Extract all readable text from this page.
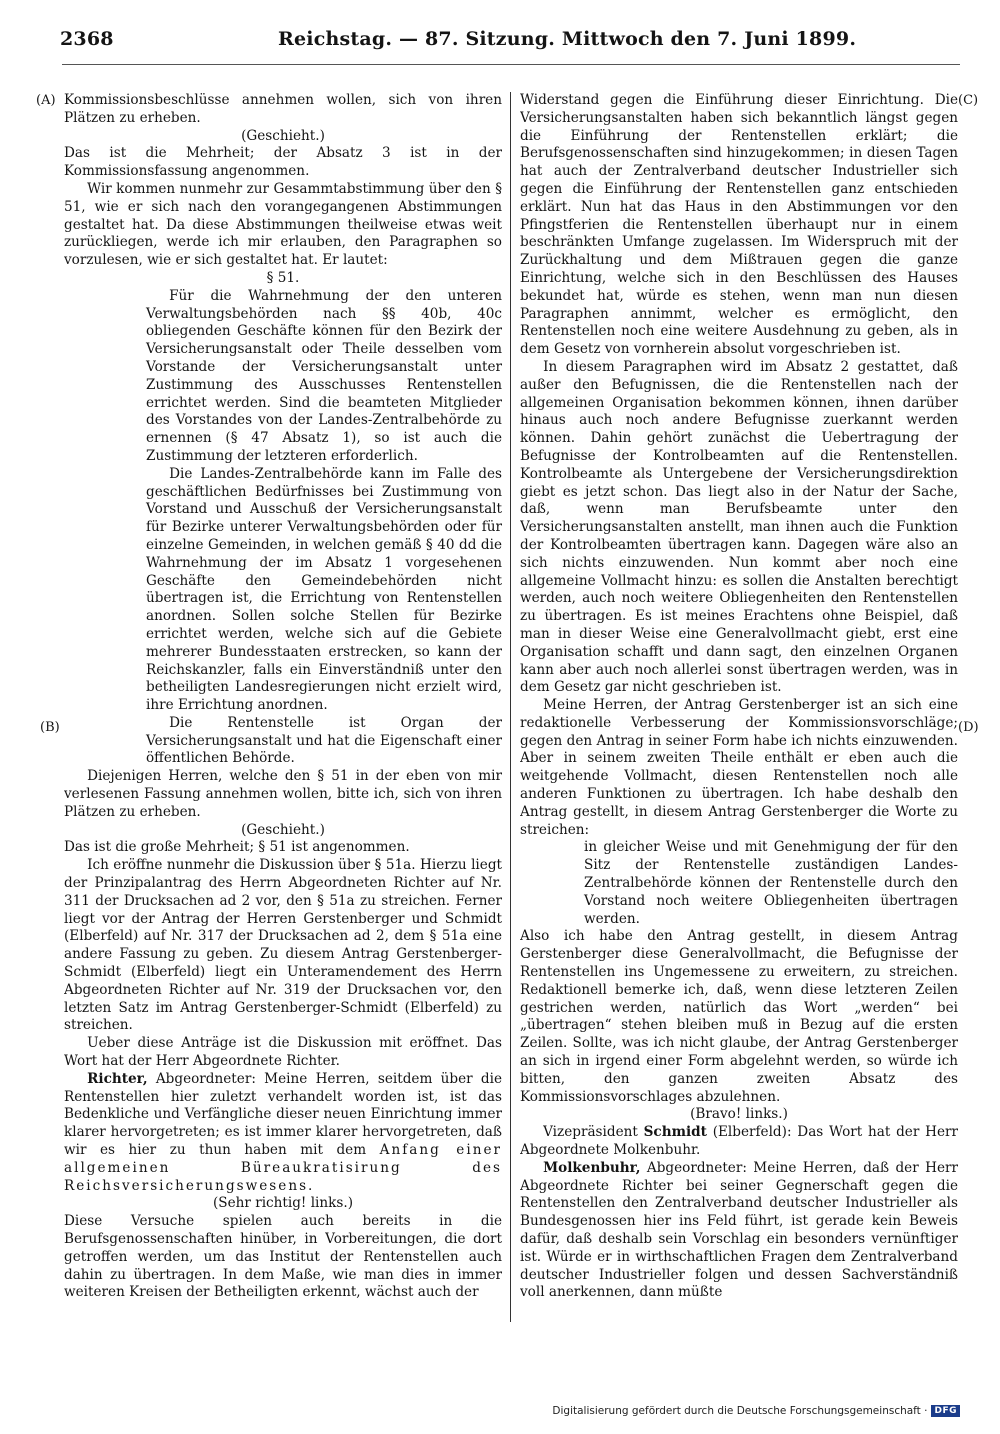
2368	Reichstag. — 87. Sitzung. Mittwoch den 7. Juni 1899.
(A)
(B)
(C)
(D)

Kommissionsbeschlüsse annehmen wollen, sich von ihren Plätzen zu erheben.

(Geschieht.)

Das ist die Mehrheit; der Absatz 3 ist in der Kommissionsfassung angenommen.

Wir kommen nunmehr zur Gesammtabstimmung über den § 51, wie er sich nach den vorangegangenen Abstimmungen gestaltet hat. Da diese Abstimmungen theilweise etwas weit zurückliegen, werde ich mir erlauben, den Paragraphen so vorzulesen, wie er sich gestaltet hat. Er lautet:

§ 51.

Für die Wahrnehmung der den unteren Verwaltungsbehörden nach §§ 40b, 40c obliegenden Geschäfte können für den Bezirk der Versicherungsanstalt oder Theile desselben vom Vorstande der Versicherungsanstalt unter Zustimmung des Ausschusses Rentenstellen errichtet werden. Sind die beamteten Mitglieder des Vorstandes von der Landes-Zentralbehörde zu ernennen (§ 47 Absatz 1), so ist auch die Zustimmung der letzteren erforderlich.

Die Landes-Zentralbehörde kann im Falle des geschäftlichen Bedürfnisses bei Zustimmung von Vorstand und Ausschuß der Versicherungsanstalt für Bezirke unterer Verwaltungsbehörden oder für einzelne Gemeinden, in welchen gemäß § 40 dd die Wahrnehmung der im Absatz 1 vorgesehenen Geschäfte den Gemeindebehörden nicht übertragen ist, die Errichtung von Rentenstellen anordnen. Sollen solche Stellen für Bezirke errichtet werden, welche sich auf die Gebiete mehrerer Bundesstaaten erstrecken, so kann der Reichskanzler, falls ein Einverständniß unter den betheiligten Landesregierungen nicht erzielt wird, ihre Errichtung anordnen.

Die Rentenstelle ist Organ der Versicherungsanstalt und hat die Eigenschaft einer öffentlichen Behörde.

Diejenigen Herren, welche den § 51 in der eben von mir verlesenen Fassung annehmen wollen, bitte ich, sich von ihren Plätzen zu erheben.

(Geschieht.)

Das ist die große Mehrheit; § 51 ist angenommen.

Ich eröffne nunmehr die Diskussion über § 51a. Hierzu liegt der Prinzipalantrag des Herrn Abgeordneten Richter auf Nr. 311 der Drucksachen ad 2 vor, den § 51a zu streichen. Ferner liegt vor der Antrag der Herren Gerstenberger und Schmidt (Elberfeld) auf Nr. 317 der Drucksachen ad 2, dem § 51a eine andere Fassung zu geben. Zu diesem Antrag Gerstenberger-Schmidt (Elberfeld) liegt ein Unteramendement des Herrn Abgeordneten Richter auf Nr. 319 der Drucksachen vor, den letzten Satz im Antrag Gerstenberger-Schmidt (Elberfeld) zu streichen.

Ueber diese Anträge ist die Diskussion mit eröffnet. Das Wort hat der Herr Abgeordnete Richter.

Richter, Abgeordneter: Meine Herren, seitdem über die Rentenstellen hier zuletzt verhandelt worden ist, ist das Bedenkliche und Verfängliche dieser neuen Einrichtung immer klarer hervorgetreten; es ist immer klarer hervorgetreten, daß wir es hier zu thun haben mit dem Anfang einer allgemeinen Büreaukratisirung des Reichsversicherungswesens.

(Sehr richtig! links.)

Diese Versuche spielen auch bereits in die Berufsgenossenschaften hinüber, in Vorbereitungen, die dort getroffen werden, um das Institut der Rentenstellen auch dahin zu übertragen. In dem Maße, wie man dies in immer weiteren Kreisen der Betheiligten erkennt, wächst auch der

Widerstand gegen die Einführung dieser Einrichtung. Die Versicherungsanstalten haben sich bekanntlich längst gegen die Einführung der Rentenstellen erklärt; die Berufsgenossenschaften sind hinzugekommen; in diesen Tagen hat auch der Zentralverband deutscher Industrieller sich gegen die Einführung der Rentenstellen ganz entschieden erklärt. Nun hat das Haus in den Abstimmungen vor den Pfingstferien die Rentenstellen überhaupt nur in einem beschränkten Umfange zugelassen. Im Widerspruch mit der Zurückhaltung und dem Mißtrauen gegen die ganze Einrichtung, welche sich in den Beschlüssen des Hauses bekundet hat, würde es stehen, wenn man nun diesen Paragraphen annimmt, welcher es ermöglicht, den Rentenstellen noch eine weitere Ausdehnung zu geben, als in dem Gesetz von vornherein absolut vorgeschrieben ist.

In diesem Paragraphen wird im Absatz 2 gestattet, daß außer den Befugnissen, die die Rentenstellen nach der allgemeinen Organisation bekommen können, ihnen darüber hinaus auch noch andere Befugnisse zuerkannt werden können. Dahin gehört zunächst die Uebertragung der Befugnisse der Kontrolbeamten auf die Rentenstellen. Kontrolbeamte als Untergebene der Versicherungsdirektion giebt es jetzt schon. Das liegt also in der Natur der Sache, daß, wenn man Berufsbeamte unter den Versicherungsanstalten anstellt, man ihnen auch die Funktion der Kontrolbeamten übertragen kann. Dagegen wäre also an sich nichts einzuwenden. Nun kommt aber noch eine allgemeine Vollmacht hinzu: es sollen die Anstalten berechtigt werden, auch noch weitere Obliegenheiten den Rentenstellen zu übertragen. Es ist meines Erachtens ohne Beispiel, daß man in dieser Weise eine Generalvollmacht giebt, erst eine Organisation schafft und dann sagt, den einzelnen Organen kann aber auch noch allerlei sonst übertragen werden, was in dem Gesetz gar nicht geschrieben ist.

Meine Herren, der Antrag Gerstenberger ist an sich eine redaktionelle Verbesserung der Kommissionsvorschläge; gegen den Antrag in seiner Form habe ich nichts einzuwenden. Aber in seinem zweiten Theile enthält er eben auch die weitgehende Vollmacht, diesen Rentenstellen noch alle anderen Funktionen zu übertragen. Ich habe deshalb den Antrag gestellt, in diesem Antrag Gerstenberger die Worte zu streichen:

in gleicher Weise und mit Genehmigung der für den Sitz der Rentenstelle zuständigen Landes-Zentralbehörde können der Rentenstelle durch den Vorstand noch weitere Obliegenheiten übertragen werden.

Also ich habe den Antrag gestellt, in diesem Antrag Gerstenberger diese Generalvollmacht, die Befugnisse der Rentenstellen ins Ungemessene zu erweitern, zu streichen. Redaktionell bemerke ich, daß, wenn diese letzteren Zeilen gestrichen werden, natürlich das Wort „werden“ bei „übertragen“ stehen bleiben muß in Bezug auf die ersten Zeilen. Sollte, was ich nicht glaube, der Antrag Gerstenberger an sich in irgend einer Form abgelehnt werden, so würde ich bitten, den ganzen zweiten Absatz des Kommissionsvorschlages abzulehnen.

(Bravo! links.)

Vizepräsident Schmidt (Elberfeld): Das Wort hat der Herr Abgeordnete Molkenbuhr.

Molkenbuhr, Abgeordneter: Meine Herren, daß der Herr Abgeordnete Richter bei seiner Gegnerschaft gegen die Rentenstellen den Zentralverband deutscher Industrieller als Bundesgenossen hier ins Feld führt, ist gerade kein Beweis dafür, daß deshalb sein Vorschlag ein besonders vernünftiger ist. Würde er in wirthschaftlichen Fragen dem Zentralverband deutscher Industrieller folgen und dessen Sachverständniß voll anerkennen, dann müßte

Digitalisierung gefördert durch die Deutsche Forschungsgemeinschaft · DFG
